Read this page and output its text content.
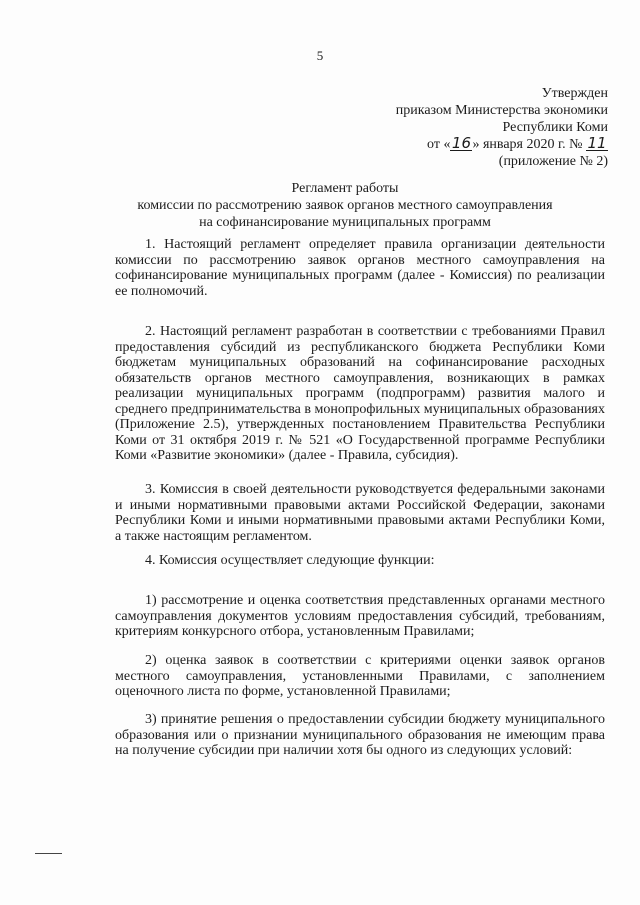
5
Утвержден
приказом Министерства экономики
Республики Коми
от «16» января 2020 г. № 11
(приложение № 2)
Регламент работы
комиссии по рассмотрению заявок органов местного самоуправления
на софинансирование муниципальных программ

1. Настоящий регламент определяет правила организации деятельности комиссии по рассмотрению заявок органов местного самоуправления на софинансирование муниципальных программ (далее - Комиссия) по реализации ее полномочий.

2. Настоящий регламент разработан в соответствии с требованиями Правил предоставления субсидий из республиканского бюджета Республики Коми бюджетам муниципальных образований на софинансирование расходных обязательств органов местного самоуправления, возникающих в рамках реализации муниципальных программ (подпрограмм) развития малого и среднего предпринимательства в монопрофильных муниципальных образованиях (Приложение 2.5), утвержденных постановлением Правительства Республики Коми от 31 октября 2019 г. № 521 «О Государственной программе Республики Коми «Развитие экономики» (далее - Правила, субсидия).

3. Комиссия в своей деятельности руководствуется федеральными законами и иными нормативными правовыми актами Российской Федерации, законами Республики Коми и иными нормативными правовыми актами Республики Коми, а также настоящим регламентом.

4. Комиссия осуществляет следующие функции:

1) рассмотрение и оценка соответствия представленных органами местного самоуправления документов условиям предоставления субсидий, требованиям, критериям конкурсного отбора, установленным Правилами;

2) оценка заявок в соответствии с критериями оценки заявок органов местного самоуправления, установленными Правилами, с заполнением оценочного листа по форме, установленной Правилами;

3) принятие решения о предоставлении субсидии бюджету муниципального образования или о признании муниципального образования не имеющим права на получение субсидии при наличии хотя бы одного из следующих условий:
